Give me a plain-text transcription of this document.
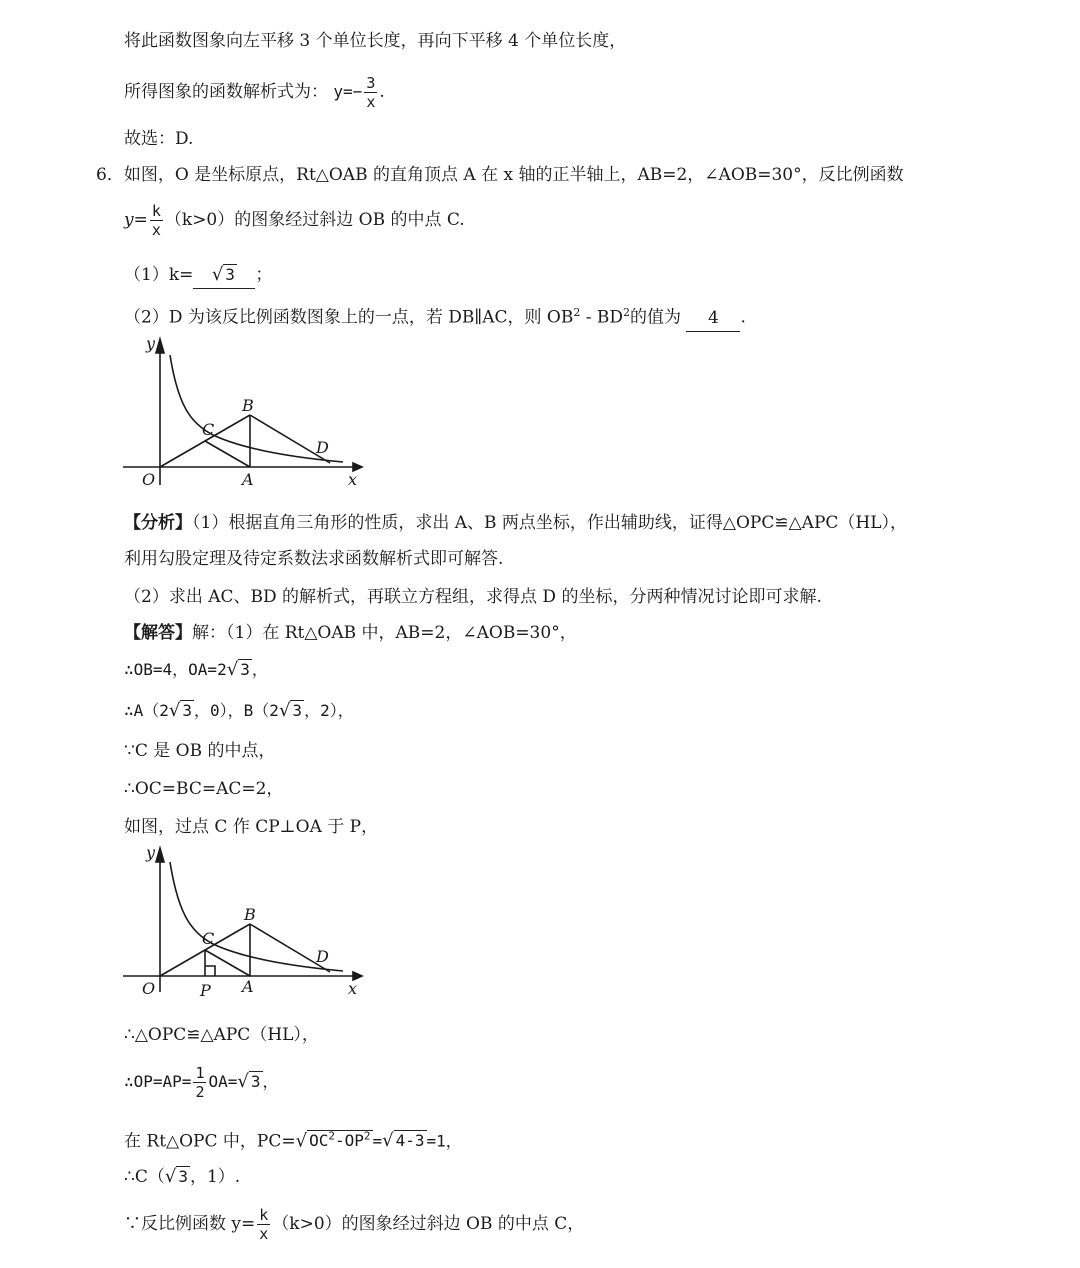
将此函数图象向左平移 3 个单位长度，再向下平移 4 个单位长度，
所得图象的函数解析式为： $y=- \frac{3}{x}$ .
故选：D.
6．如图，O 是坐标原点，Rt△OAB 的直角顶点 A 在 x 轴的正半轴上，AB=2，∠AOB=30°，反比例函数
$y= \frac{k}{x} (k>0)$的图象经过斜边 OB 的中点 C.
（1）k= √ 3 ；
（2）D 为该反比例函数图象上的一点，若 DB∥AC，则 $OB^2 - BD^2$的值为 4 .
y
x
O	A
B
C
D
【分析】（1）根据直角三角形的性质，求出 A、B 两点坐标，作出辅助线，证得△OPC≌△APC（HL），
利用勾股定理及待定系数法求函数解析式即可解答.
（2）求出 AC、BD 的解析式，再联立方程组，求得点 D 的坐标，分两种情况讨论即可求解.
【解答】解：（1）在 Rt△OAB 中，AB=2，∠AOB=30°，
∴OB=4，OA=2√ 3 ，
∴A（2√ 3 ，0），B（2√ 3 ，2），
∵C 是 OB 的中点，
∴OC=BC=AC=2，
如图，过点 C 作 CP⊥OA 于 P，
y
x
O	P A
B
C
D
∴△OPC≌△APC（HL），
∴OP=AP= $\frac{1}{2} OA=√$ 3 ，
在 Rt△OPC 中，PC=√ $OC^2-OP^2$ =√ 4-3 =1，
∴C（√ 3 ，1）.
∵反比例函数 $y= \frac{k}{x} (k>0)$的图象经过斜边 OB 的中点 C，
